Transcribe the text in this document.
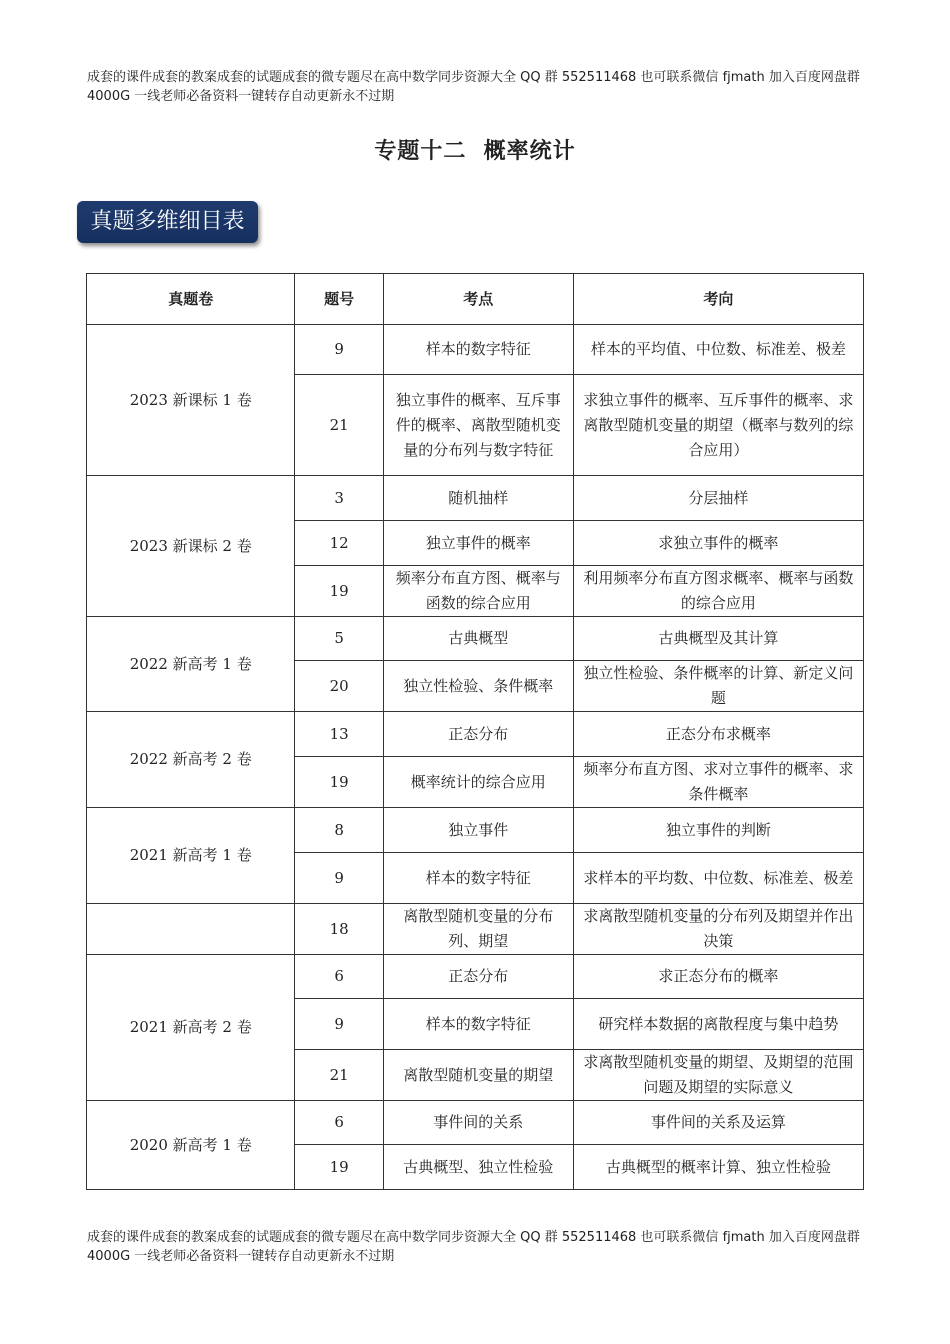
成套的课件成套的教案成套的试题成套的微专题尽在高中数学同步资源大全 QQ 群 552511468 也可联系微信 fjmath 加入百度网盘群 4000G 一线老师必备资料一键转存自动更新永不过期
专题十二  概率统计
真题多维细目表
真题卷	题号	考点	考向
2023 新课标 1 卷	9	样本的数字特征	样本的平均值、中位数、标准差、极差
	21	独立事件的概率、互斥事件的概率、离散型随机变量的分布列与数字特征	求独立事件的概率、互斥事件的概率、求离散型随机变量的期望（概率与数列的综合应用）
2023 新课标 2 卷	3	随机抽样	分层抽样
	12	独立事件的概率	求独立事件的概率
	19	频率分布直方图、概率与函数的综合应用	利用频率分布直方图求概率、概率与函数的综合应用
2022 新高考 1 卷	5	古典概型	古典概型及其计算
	20	独立性检验、条件概率	独立性检验、条件概率的计算、新定义问题
2022 新高考 2 卷	13	正态分布	正态分布求概率
	19	概率统计的综合应用	频率分布直方图、求对立事件的概率、求条件概率
2021 新高考 1 卷	8	独立事件	独立事件的判断
	9	样本的数字特征	求样本的平均数、中位数、标准差、极差
	18	离散型随机变量的分布列、期望	求离散型随机变量的分布列及期望并作出决策
2021 新高考 2 卷	6	正态分布	求正态分布的概率
	9	样本的数字特征	研究样本数据的离散程度与集中趋势
	21	离散型随机变量的期望	求离散型随机变量的期望、及期望的范围问题及期望的实际意义
2020 新高考 1 卷	6	事件间的关系	事件间的关系及运算
	19	古典概型、独立性检验	古典概型的概率计算、独立性检验
成套的课件成套的教案成套的试题成套的微专题尽在高中数学同步资源大全 QQ 群 552511468 也可联系微信 fjmath 加入百度网盘群 4000G 一线老师必备资料一键转存自动更新永不过期
